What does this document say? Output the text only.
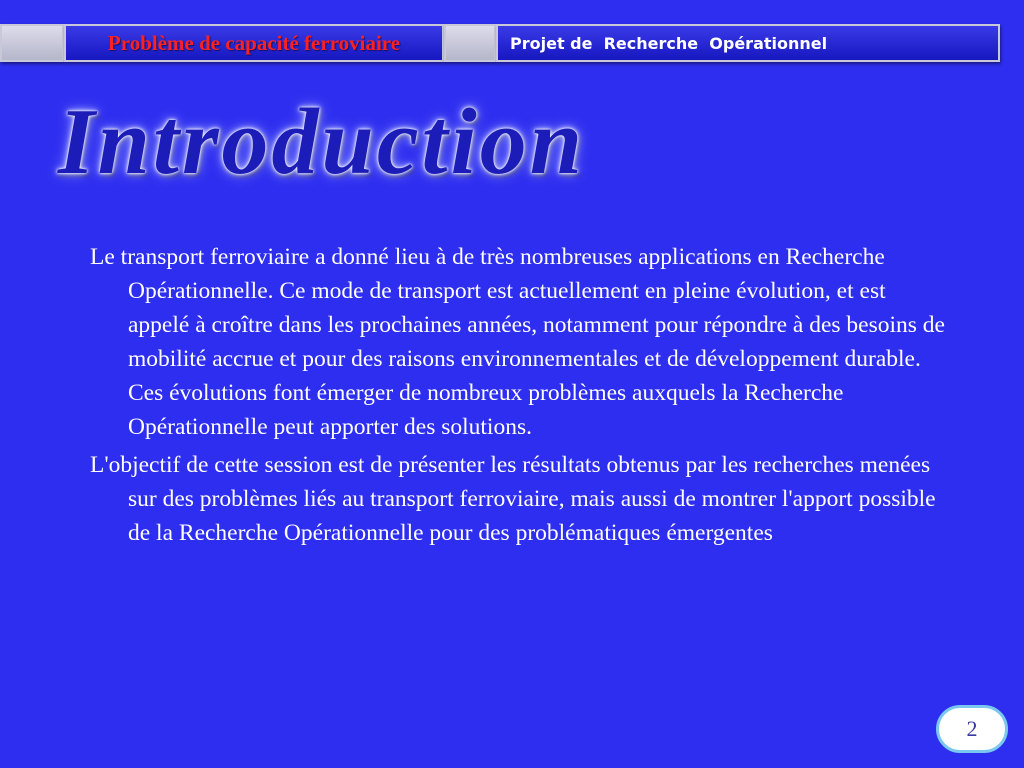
Problème de capacité ferroviaire	Projet de  Recherche  Opérationnel
Introduction

Le transport ferroviaire a donné lieu à de très nombreuses applications en Recherche Opérationnelle. Ce mode de transport est actuellement en pleine évolution, et est appelé à croître dans les prochaines années, notamment pour répondre à des besoins de mobilité accrue et pour des raisons environnementales et de développement durable. Ces évolutions font émerger de nombreux problèmes auxquels la Recherche Opérationnelle peut apporter des solutions.

L'objectif de cette session est de présenter les résultats obtenus par les recherches menées sur des problèmes liés au transport ferroviaire, mais aussi de montrer l'apport possible de la Recherche Opérationnelle pour des problématiques émergentes

2
